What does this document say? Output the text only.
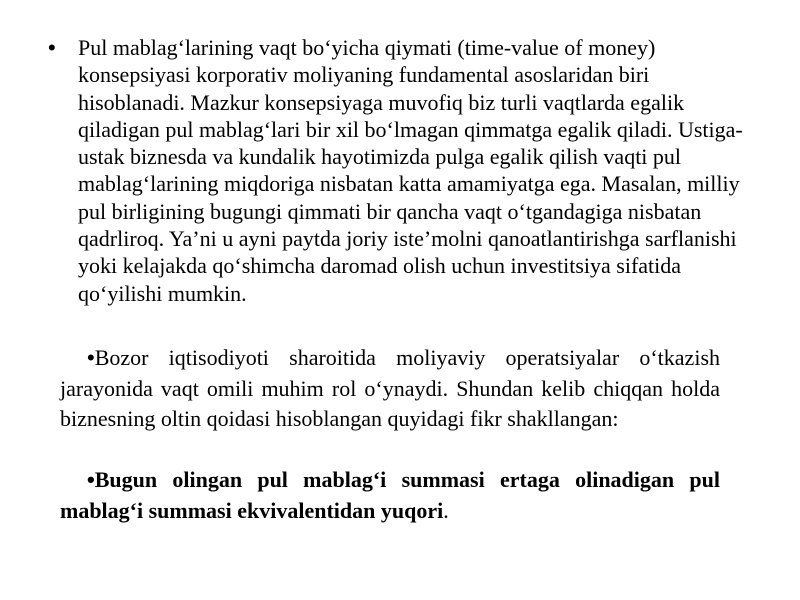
•	Pul mablag‘larining vaqt bo‘yicha qiymati (time-value of money) konsepsiyasi korporativ moliyaning fundamental asoslaridan biri hisoblanadi. Mazkur konsepsiyaga muvofiq biz turli vaqtlarda egalik qiladigan pul mablag‘lari bir xil bo‘lmagan qimmatga egalik qiladi. Ustiga-ustak biznesda va kundalik hayotimizda pulga egalik qilish vaqti pul mablag‘larining miqdoriga nisbatan katta amamiyatga ega. Masalan, milliy pul birligining bugungi qimmati bir qancha vaqt o‘tgandagiga nisbatan qadrliroq. Ya’ni u ayni paytda joriy iste’molni qanoatlantirishga sarflanishi yoki kelajakda qo‘shimcha daromad olish uchun investitsiya sifatida qo‘yilishi mumkin.
•Bozor iqtisodiyoti sharoitida moliyaviy operatsiyalar o‘tkazish jarayonida vaqt omili muhim rol o‘ynaydi. Shundan kelib chiqqan holda biznesning oltin qoidasi hisoblangan quyidagi fikr shakllangan:
•Bugun olingan pul mablag‘i summasi ertaga olinadigan pul mablag‘i summasi ekvivalentidan yuqori.
